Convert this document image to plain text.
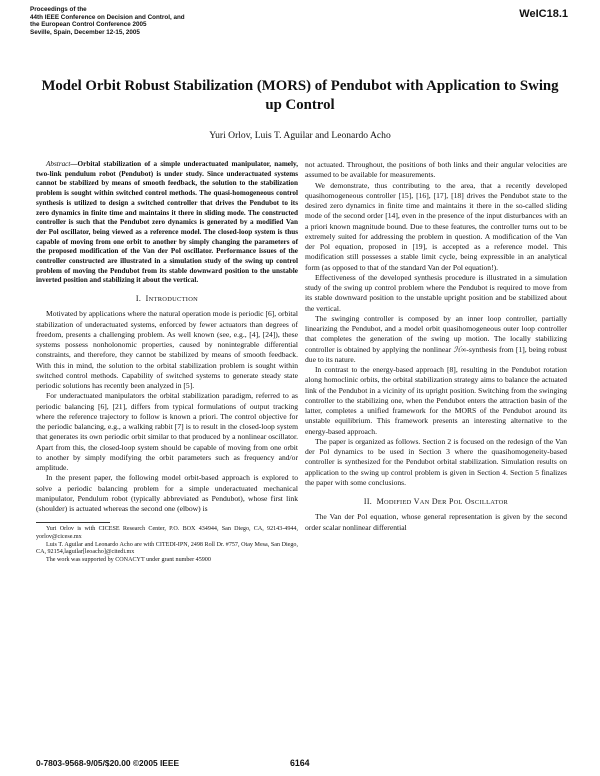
Proceedings of the
44th IEEE Conference on Decision and Control, and
the European Control Conference 2005
Seville, Spain, December 12-15, 2005
WeIC18.1
Model Orbit Robust Stabilization (MORS) of Pendubot with Application to Swing up Control
Yuri Orlov, Luis T. Aguilar and Leonardo Acho

Abstract—Orbital stabilization of a simple underactuated manipulator, namely, two-link pendulum robot (Pendubot) is under study. Since underactuated systems cannot be stabilized by means of smooth feedback, the solution to the stabilization problem is sought within switched control methods. The quasi-homogeneous control synthesis is utilized to design a switched controller that drives the Pendubot to its zero dynamics in finite time and maintains it there in sliding mode. The constructed controller is such that the Pendubot zero dynamics is generated by a modified Van der Pol oscillator, being viewed as a reference model. The closed-loop system is thus capable of moving from one orbit to another by simply changing the parameters of the proposed modification of the Van der Pol oscillator. Performance issues of the controller constructed are illustrated in a simulation study of the swing up control problem of moving the Pendubot from its stable downward position to the unstable inverted position and stabilizing it about the vertical.

I. INTRODUCTION

Motivated by applications where the natural operation mode is periodic [6], orbital stabilization of underactuated systems, enforced by fewer actuators than degrees of freedom, presents a challenging problem. As well known (see, e.g., [4], [24]), these systems possess nonholonomic properties, caused by nonintegrable differential constraints, and therefore, they cannot be stabilized by means of smooth feedback. With this in mind, the solution to the orbital stabilization problem is sought within switched control methods. Capability of switched systems to generate steady state periodic solutions has recently been analyzed in [5].

For underactuated manipulators the orbital stabilization paradigm, referred to as periodic balancing [6], [21], differs from typical formulations of output tracking where the reference trajectory to follow is known a priori. The control objective for the periodic balancing, e.g., a walking rabbit [7] is to result in the closed-loop system that generates its own periodic orbit similar to that produced by a nonlinear oscillator. Apart from this, the closed-loop system should be capable of moving from one orbit to another by simply modifying the orbit parameters such as frequency and/or amplitude.

In the present paper, the following model orbit-based approach is explored to solve a periodic balancing problem for a simple underactuated mechanical manipulator, Pendulum robot (typically abbreviated as Pendubot), whose first link (shoulder) is actuated whereas the second one (elbow) is

Yuri Orlov is with CICESE Research Center, P.O. BOX 434944, San Diego, CA, 92143-4944, yorlov@cicese.mx

Luis T. Aguilar and Leonardo Acho are with CITEDI-IPN, 2498 Roll Dr. #757, Otay Mesa, San Diego, CA, 92154,laguilar[leoacho]@citedi.mx

The work was supported by CONACYT under grant number 45900

not actuated. Throughout, the positions of both links and their angular velocities are assumed to be available for measurements.

We demonstrate, thus contributing to the area, that a recently developed quasihomogeneous controller [15], [16], [17], [18] drives the Pendubot state to the desired zero dynamics in finite time and maintains it there in the so-called sliding mode of the second order [14], even in the presence of the input disturbances with an a priori known magnitude bound. Due to these features, the controller turns out to be extremely suited for addressing the problem in question. A modification of the Van der Pol equation, proposed in [19], is accepted as a reference model. This modification still possesses a stable limit cycle, being expressible in an analytical form (as opposed to that of the standard Van der Pol equation!).

Effectiveness of the developed synthesis procedure is illustrated in a simulation study of the swing up control problem where the Pendubot is required to move from its stable downward position to the unstable upright position and be stabilized about the vertical.

The swinging controller is composed by an inner loop controller, partially linearizing the Pendubot, and a model orbit quasihomogeneous outer loop controller that completes the generation of the swing up motion. The locally stabilizing controller is obtained by applying the nonlinear ℋ∞-synthesis from [1], being robust due to its nature.

In contrast to the energy-based approach [8], resulting in the Pendubot rotation along homoclinic orbits, the orbital stabilization strategy aims to balance the actuated link of the Pendubot in a vicinity of its upright position. Switching from the swinging controller to the stabilizing one, when the Pendubot enters the attraction basin of the latter, completes a unified framework for the MORS of the Pendubot around its unstable equilibrium. This framework presents an interesting alternative to the energy-based approach.

The paper is organized as follows. Section 2 is focused on the redesign of the Van der Pol dynamics to be used in Section 3 where the quasihomogeneity-based controller is synthesized for the Pendubot orbital stabilization. Simulation results on application to the swing up control problem is given in Section 4. Section 5 finalizes the paper with some conclusions.

II. MODIFIED VAN DER POL OSCILLATOR

The Van der Pol equation, whose general representation is given by the second order scalar nonlinear differential

0-7803-9568-9/05/$20.00 ©2005 IEEE	6164
